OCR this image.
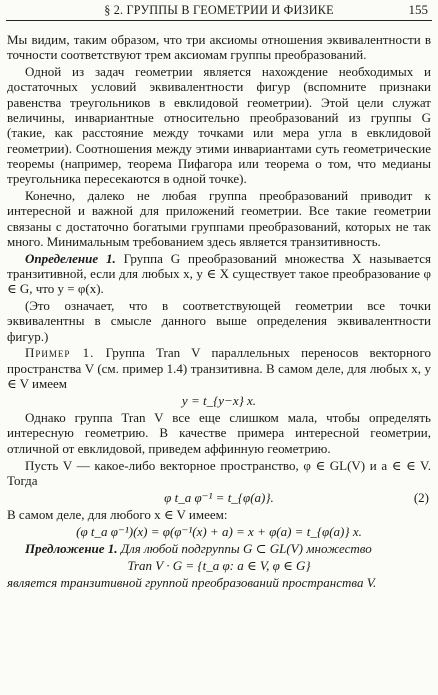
§ 2. ГРУППЫ В ГЕОМЕТРИИ И ФИЗИКЕ	155

Мы видим, таким образом, что три аксиомы отношения эквивалентности в точности соответствуют трем аксиомам группы преобразований.

Одной из задач геометрии является нахождение необходимых и достаточных условий эквивалентности фигур (вспомните признаки равенства треугольников в евклидовой геометрии). Этой цели служат величины, инвариантные относительно преобразований из группы G (такие, как расстояние между точками или мера угла в евклидовой геометрии). Соотношения между этими инвариантами суть геометрические теоремы (например, теорема Пифагора или теорема о том, что медианы треугольника пересекаются в одной точке).

Конечно, далеко не любая группа преобразований приводит к интересной и важной для приложений геометрии. Все такие геометрии связаны с достаточно богатыми группами преобразований, которых не так много. Минимальным требованием здесь является транзитивность.

Определение 1. Группа G преобразований множества X называется транзитивной, если для любых x, y ∈ X существует такое преобразование φ ∈ G, что y = φ(x).

(Это означает, что в соответствующей геометрии все точки эквивалентны в смысле данного выше определения эквивалентности фигур.)

Пример 1. Группа Tran V параллельных переносов векторного пространства V (см. пример 1.4) транзитивна. В самом деле, для любых x, y ∈ V имеем

y = t_{y−x} x.

Однако группа Tran V все еще слишком мала, чтобы определять интересную геометрию. В качестве примера интересной геометрии, отличной от евклидовой, приведем аффинную геометрию.

Пусть V — какое-либо векторное пространство, φ ∈ GL(V) и a ∈ ∈ V. Тогда

φ t_a φ⁻¹ = t_{φ(a)}.	(2)

В самом деле, для любого x ∈ V имеем:

(φ t_a φ⁻¹)(x) = φ(φ⁻¹(x) + a) = x + φ(a) = t_{φ(a)} x.

Предложение 1. Для любой подгруппы G ⊂ GL(V) множество

Tran V · G = {t_a φ: a ∈ V, φ ∈ G}

является транзитивной группой преобразований пространства V.
